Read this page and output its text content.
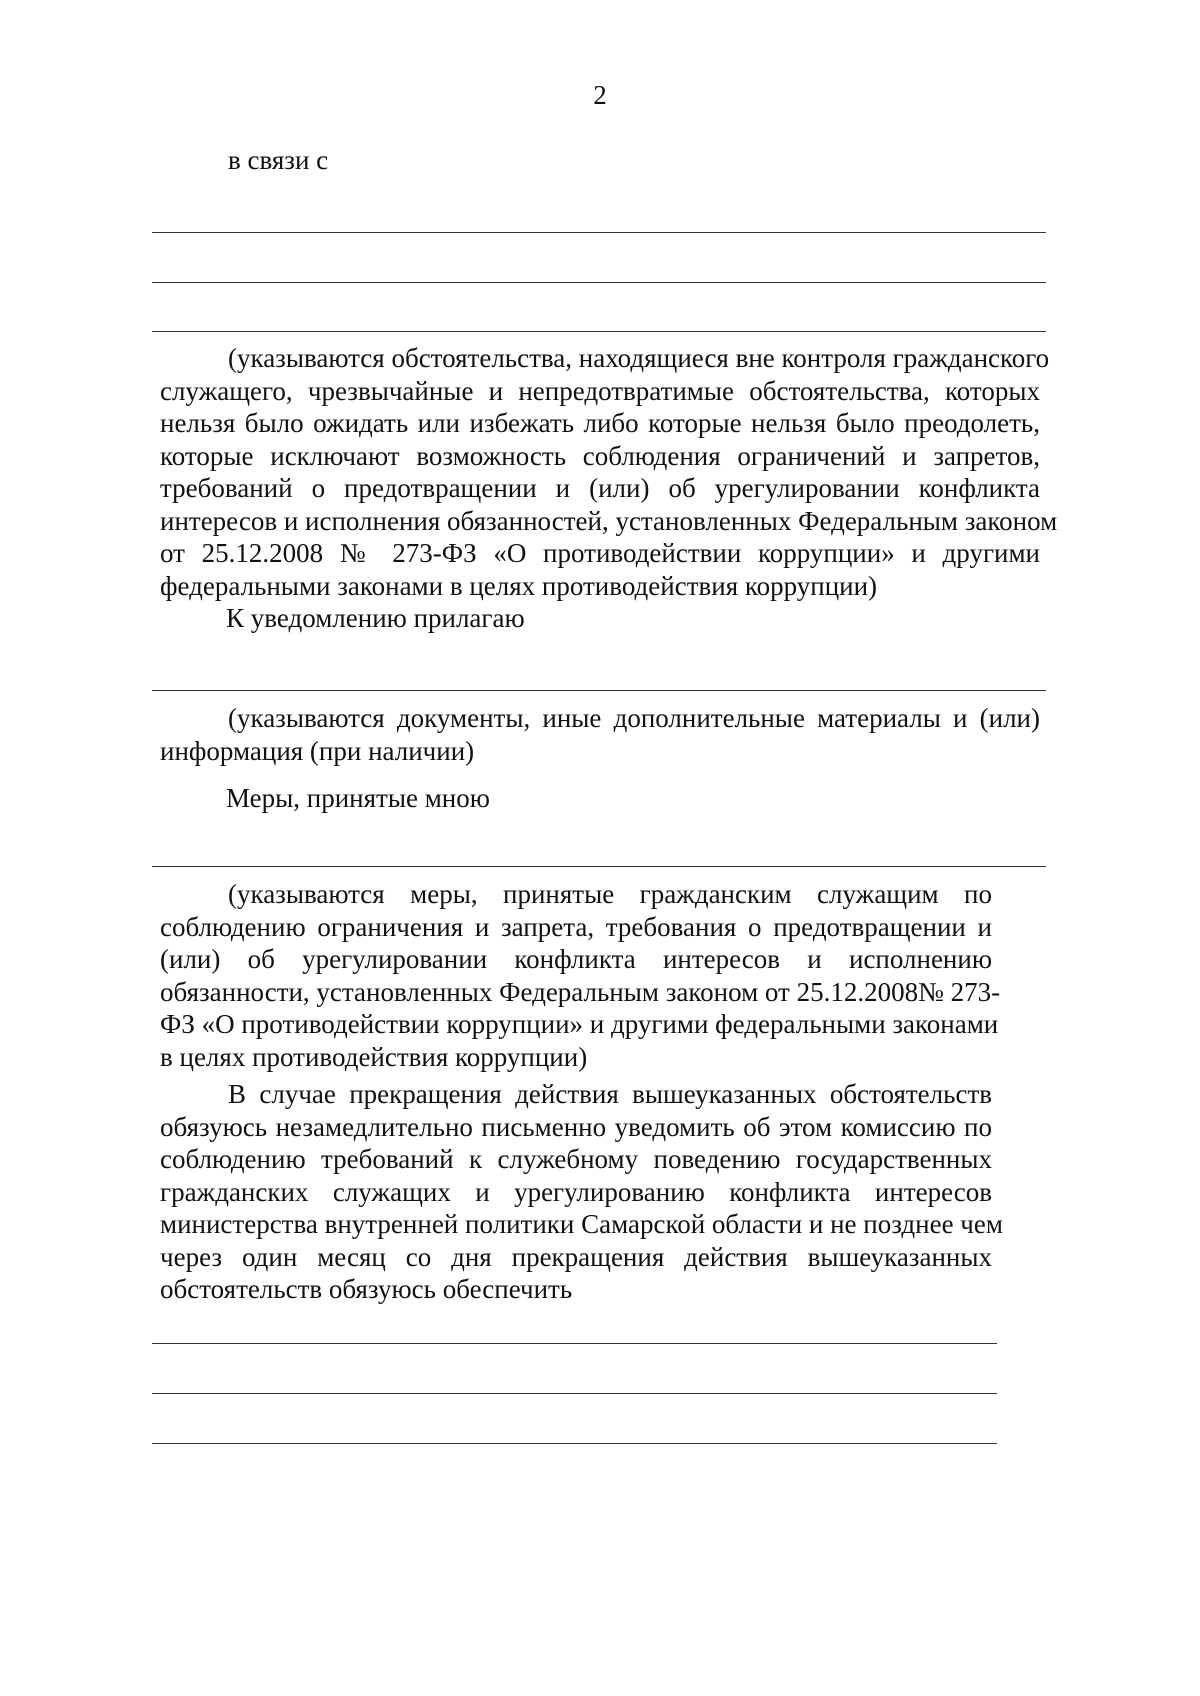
2
в связи с
(указываются обстоятельства, находящиеся вне контроля гражданского
служащего, чрезвычайные и непредотвратимые обстоятельства, которых
нельзя было ожидать или избежать либо которые нельзя было преодолеть,
которые исключают возможность соблюдения ограничений и запретов,
требований о предотвращении и (или) об урегулировании конфликта
интересов и исполнения обязанностей, установленных Федеральным законом
от 25.12.2008 № 273-ФЗ «О противодействии коррупции» и другими
федеральными законами в целях противодействия коррупции)
К уведомлению прилагаю
(указываются документы, иные дополнительные материалы и (или)
информация (при наличии)
Меры, принятые мною
(указываются меры, принятые гражданским служащим по
соблюдению ограничения и запрета, требования о предотвращении и
(или) об урегулировании конфликта интересов и исполнению
обязанности, установленных Федеральным законом от 25.12.2008№ 273-
ФЗ «О противодействии коррупции» и другими федеральными законами
в целях противодействия коррупции)
В случае прекращения действия вышеуказанных обстоятельств
обязуюсь незамедлительно письменно уведомить об этом комиссию по
соблюдению требований к служебному поведению государственных
гражданских служащих и урегулированию конфликта интересов
министерства внутренней политики Самарской области и не позднее чем
через один месяц со дня прекращения действия вышеуказанных
обстоятельств обязуюсь обеспечить
